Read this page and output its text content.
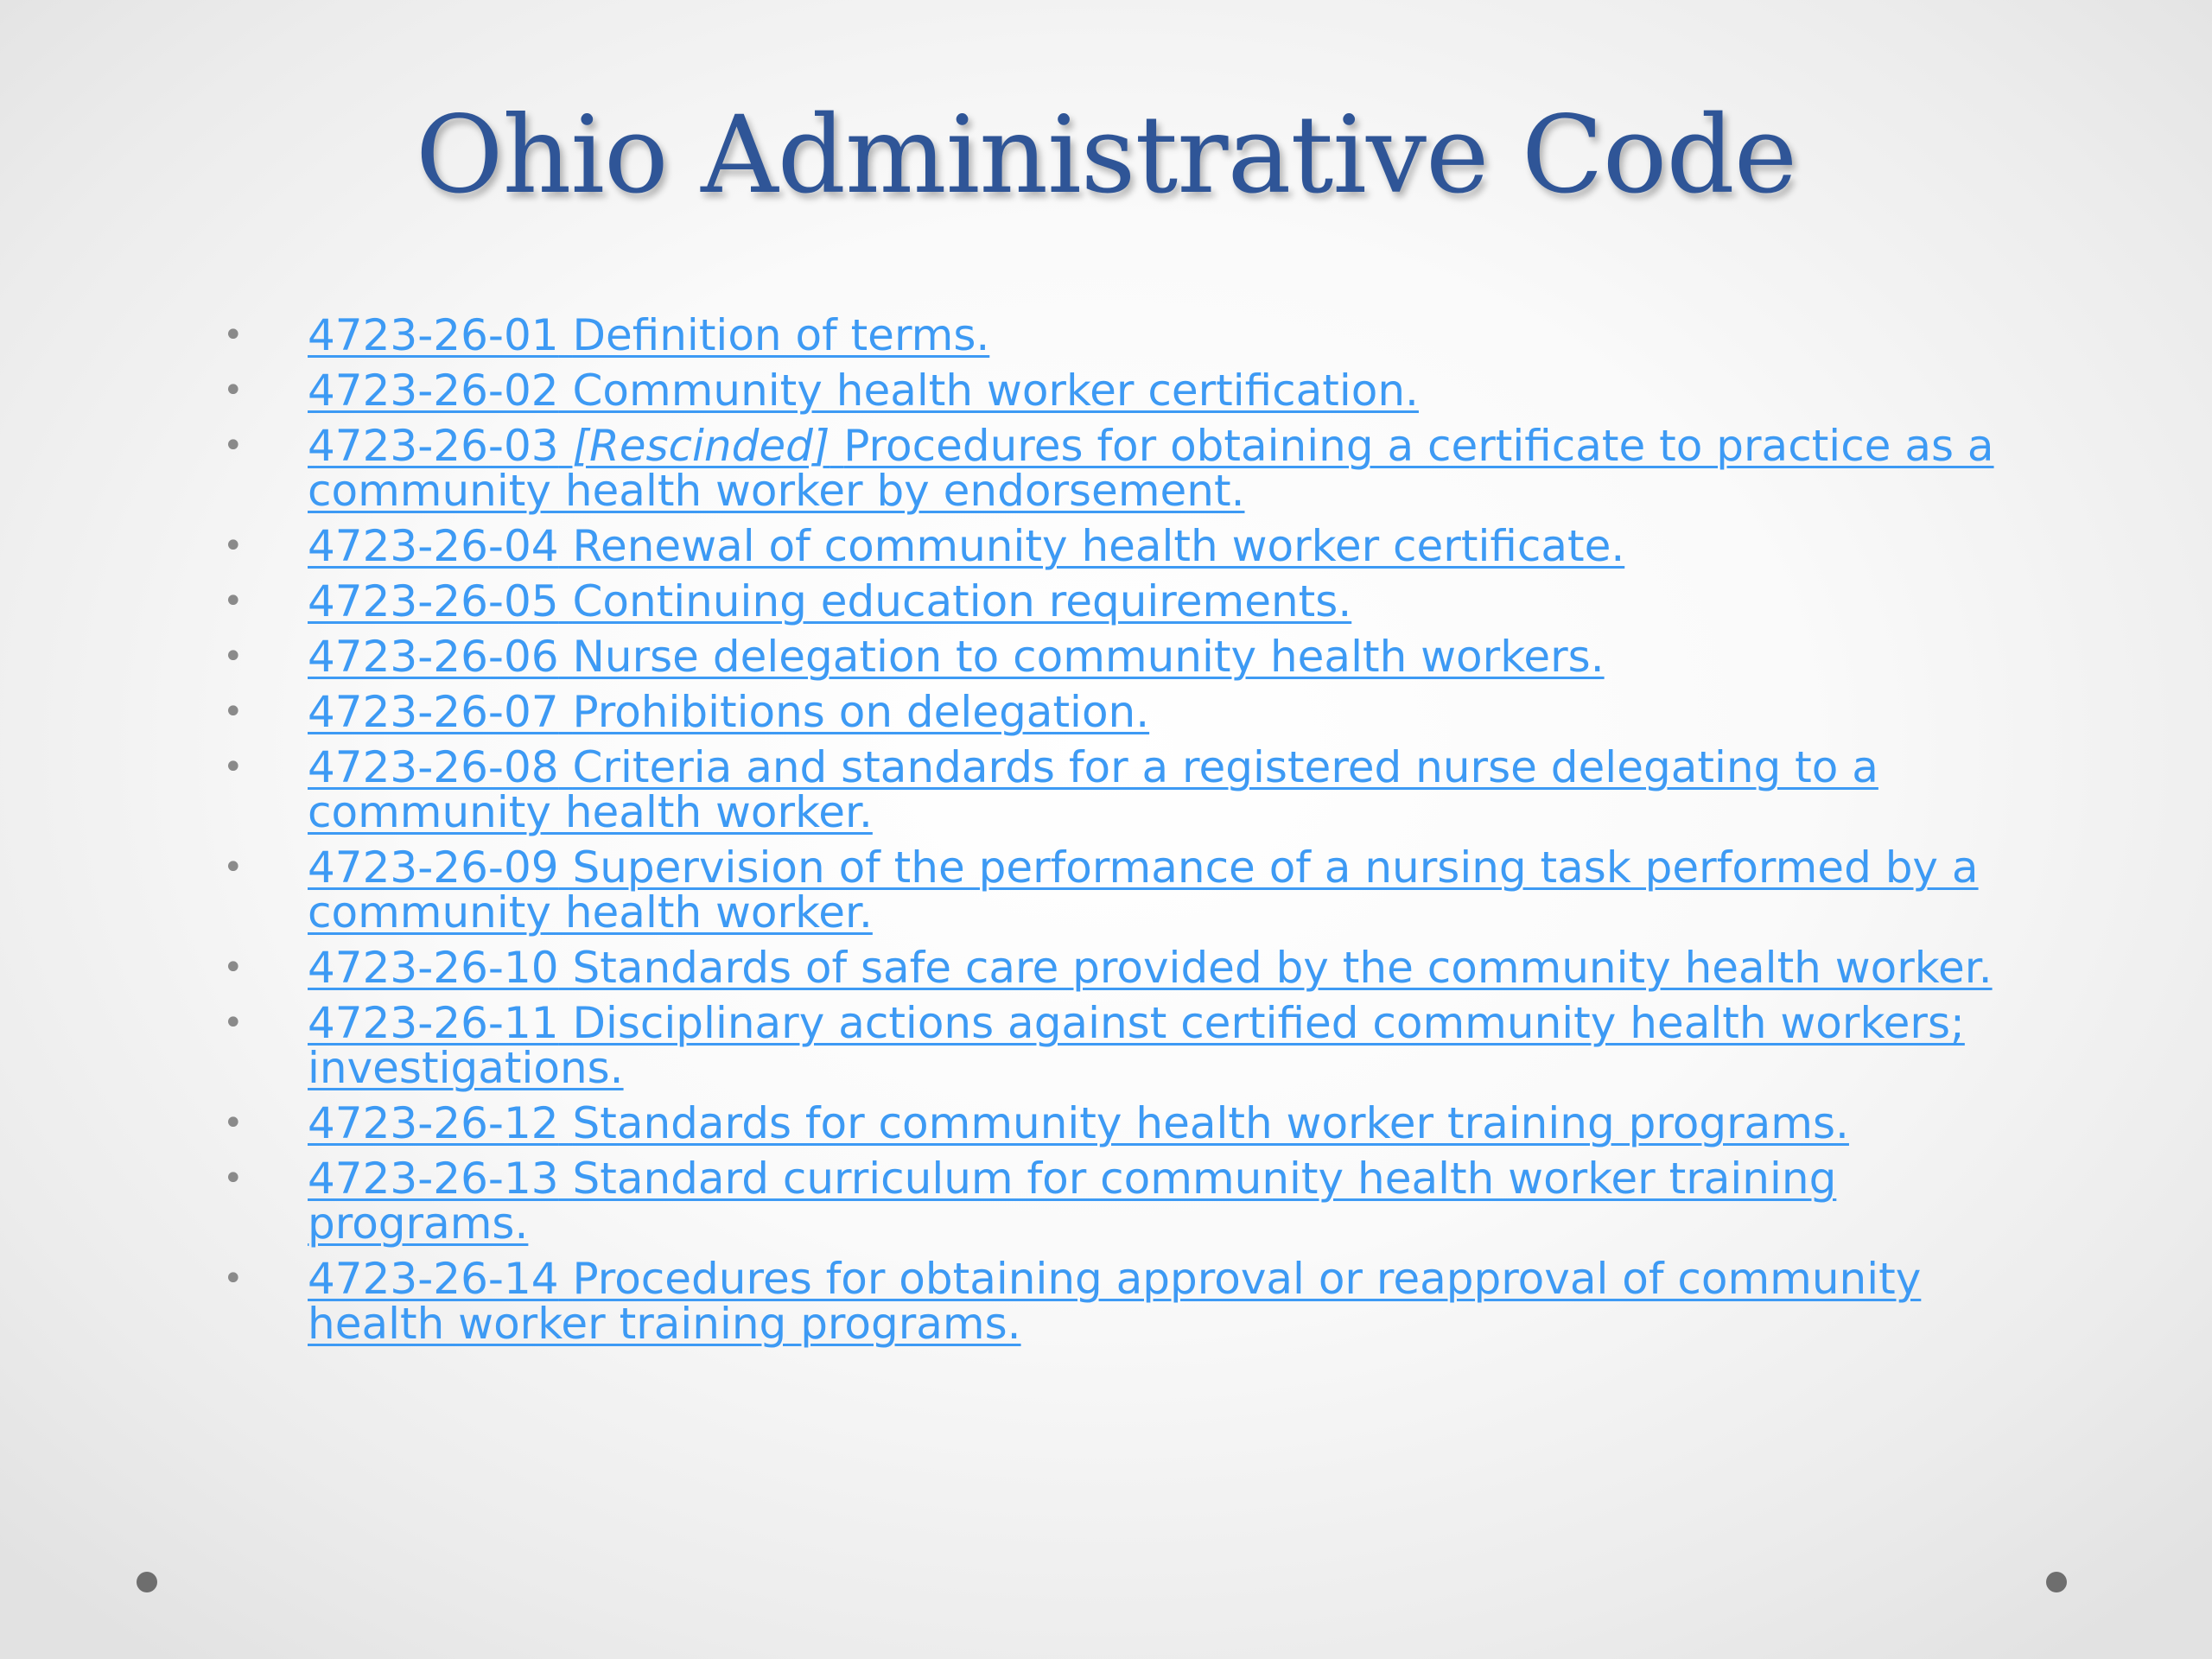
Ohio Administrative Code
• 4723-26-01 Definition of terms.
• 4723-26-02 Community health worker certification.
• 4723-26-03 [Rescinded] Procedures for obtaining a certificate to practice as a community health worker by endorsement.
• 4723-26-04 Renewal of community health worker certificate.
• 4723-26-05 Continuing education requirements.
• 4723-26-06 Nurse delegation to community health workers.
• 4723-26-07 Prohibitions on delegation.
• 4723-26-08 Criteria and standards for a registered nurse delegating to a community health worker.
• 4723-26-09 Supervision of the performance of a nursing task performed by a community health worker.
• 4723-26-10 Standards of safe care provided by the community health worker.
• 4723-26-11 Disciplinary actions against certified community health workers; investigations.
• 4723-26-12 Standards for community health worker training programs.
• 4723-26-13 Standard curriculum for community health worker training programs.
• 4723-26-14 Procedures for obtaining approval or reapproval of community health worker training programs.
